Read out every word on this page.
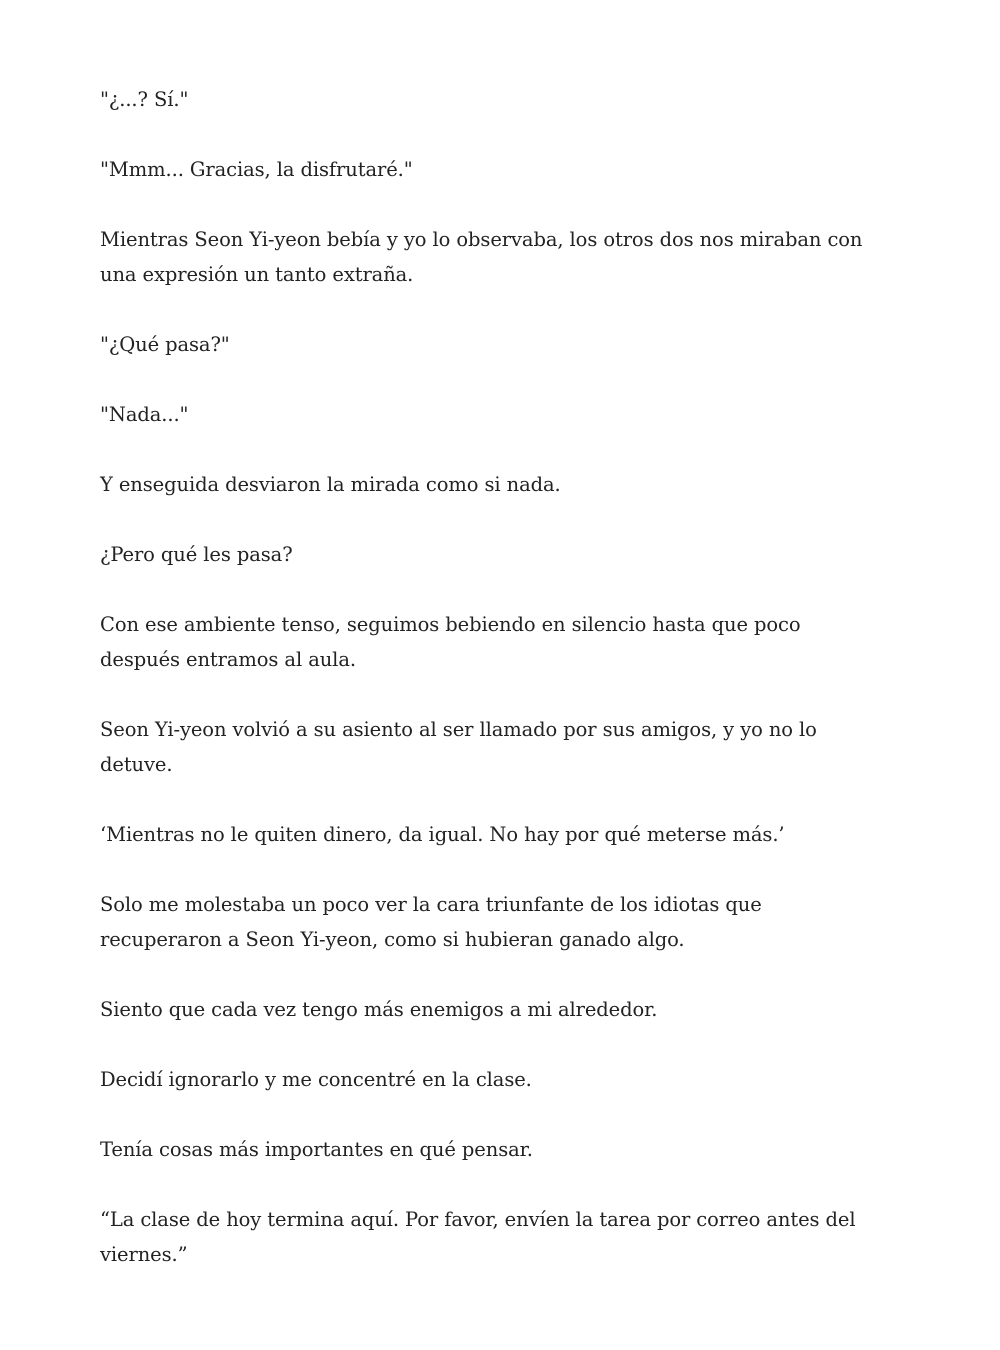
"¿...? Sí."

"Mmm... Gracias, la disfrutaré."

Mientras Seon Yi-yeon bebía y yo lo observaba, los otros dos nos miraban con
una expresión un tanto extraña.

"¿Qué pasa?"

"Nada..."

Y enseguida desviaron la mirada como si nada.

¿Pero qué les pasa?

Con ese ambiente tenso, seguimos bebiendo en silencio hasta que poco
después entramos al aula.

Seon Yi-yeon volvió a su asiento al ser llamado por sus amigos, y yo no lo
detuve.

‘Mientras no le quiten dinero, da igual. No hay por qué meterse más.’

Solo me molestaba un poco ver la cara triunfante de los idiotas que
recuperaron a Seon Yi-yeon, como si hubieran ganado algo.

Siento que cada vez tengo más enemigos a mi alrededor.

Decidí ignorarlo y me concentré en la clase.

Tenía cosas más importantes en qué pensar.

“La clase de hoy termina aquí. Por favor, envíen la tarea por correo antes del
viernes.”
